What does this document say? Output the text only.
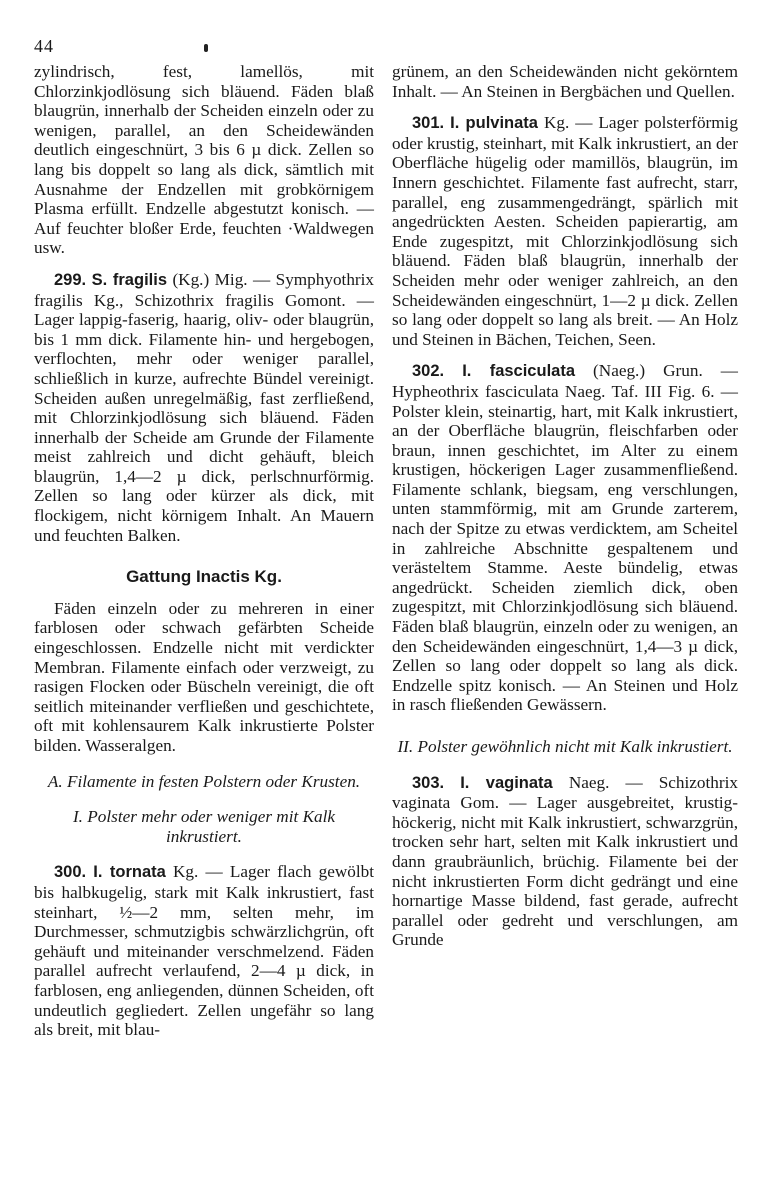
44

zylindrisch, fest, lamellös, mit Chlorzinkjodlösung sich bläuend. Fäden blaß blaugrün, innerhalb der Scheiden einzeln oder zu wenigen, parallel, an den Scheidewänden deutlich eingeschnürt, 3 bis 6 µ dick. Zellen so lang bis doppelt so lang als dick, sämtlich mit Ausnahme der Endzellen mit grobkörnigem Plasma erfüllt. Endzelle abgestutzt konisch. — Auf feuchter bloßer Erde, feuchten ·Waldwegen usw.

299. S. fragilis (Kg.) Mig. — Symphyothrix fragilis Kg., Schizothrix fragilis Gomont. — Lager lappig-faserig, haarig, oliv- oder blaugrün, bis 1 mm dick. Filamente hin- und hergebogen, verflochten, mehr oder weniger parallel, schließlich in kurze, aufrechte Bündel vereinigt. Scheiden außen unregelmäßig, fast zerfließend, mit Chlorzinkjodlösung sich bläuend. Fäden innerhalb der Scheide am Grunde der Filamente meist zahlreich und dicht gehäuft, bleich blaugrün, 1,4—2 µ dick, perlschnurförmig. Zellen so lang oder kürzer als dick, mit flockigem, nicht körnigem Inhalt. An Mauern und feuchten Balken.

Gattung Inactis Kg.

Fäden einzeln oder zu mehreren in einer farblosen oder schwach gefärbten Scheide eingeschlossen. Endzelle nicht mit verdickter Membran. Filamente einfach oder verzweigt, zu rasigen Flocken oder Büscheln vereinigt, die oft seitlich miteinander verfließen und geschichtete, oft mit kohlensaurem Kalk inkrustierte Polster bilden. Wasseralgen.

A. Filamente in festen Polstern oder Krusten.

I. Polster mehr oder weniger mit Kalk inkrustiert.

300. I. tornata Kg. — Lager flach gewölbt bis halbkugelig, stark mit Kalk inkrustiert, fast steinhart, ½—2 mm, selten mehr, im Durchmesser, schmutzigbis schwärzlichgrün, oft gehäuft und miteinander verschmelzend. Fäden parallel aufrecht verlaufend, 2—4 µ dick, in farblosen, eng anliegenden, dünnen Scheiden, oft undeutlich gegliedert. Zellen ungefähr so lang als breit, mit blau-

grünem, an den Scheidewänden nicht gekörntem Inhalt. — An Steinen in Bergbächen und Quellen.

301. I. pulvinata Kg. — Lager polsterförmig oder krustig, steinhart, mit Kalk inkrustiert, an der Oberfläche hügelig oder mamillös, blaugrün, im Innern geschichtet. Filamente fast aufrecht, starr, parallel, eng zusammengedrängt, spärlich mit angedrückten Aesten. Scheiden papierartig, am Ende zugespitzt, mit Chlorzinkjodlösung sich bläuend. Fäden blaß blaugrün, innerhalb der Scheiden mehr oder weniger zahlreich, an den Scheidewänden eingeschnürt, 1—2 µ dick. Zellen so lang oder doppelt so lang als breit. — An Holz und Steinen in Bächen, Teichen, Seen.

302. I. fasciculata (Naeg.) Grun. — Hypheothrix fasciculata Naeg. Taf. III Fig. 6. — Polster klein, steinartig, hart, mit Kalk inkrustiert, an der Oberfläche blaugrün, fleischfarben oder braun, innen geschichtet, im Alter zu einem krustigen, höckerigen Lager zusammenfließend. Filamente schlank, biegsam, eng verschlungen, unten stammförmig, mit am Grunde zarterem, nach der Spitze zu etwas verdicktem, am Scheitel in zahlreiche Abschnitte gespaltenem und verästeltem Stamme. Aeste bündelig, etwas angedrückt. Scheiden ziemlich dick, oben zugespitzt, mit Chlorzinkjodlösung sich bläuend. Fäden blaß blaugrün, einzeln oder zu wenigen, an den Scheidewänden eingeschnürt, 1,4—3 µ dick, Zellen so lang oder doppelt so lang als dick. Endzelle spitz konisch. — An Steinen und Holz in rasch fließenden Gewässern.

II. Polster gewöhnlich nicht mit Kalk inkrustiert.

303. I. vaginata Naeg. — Schizothrix vaginata Gom. — Lager ausgebreitet, krustig-höckerig, nicht mit Kalk inkrustiert, schwarzgrün, trocken sehr hart, selten mit Kalk inkrustiert und dann graubräunlich, brüchig. Filamente bei der nicht inkrustierten Form dicht gedrängt und eine hornartige Masse bildend, fast gerade, aufrecht parallel oder gedreht und verschlungen, am Grunde
